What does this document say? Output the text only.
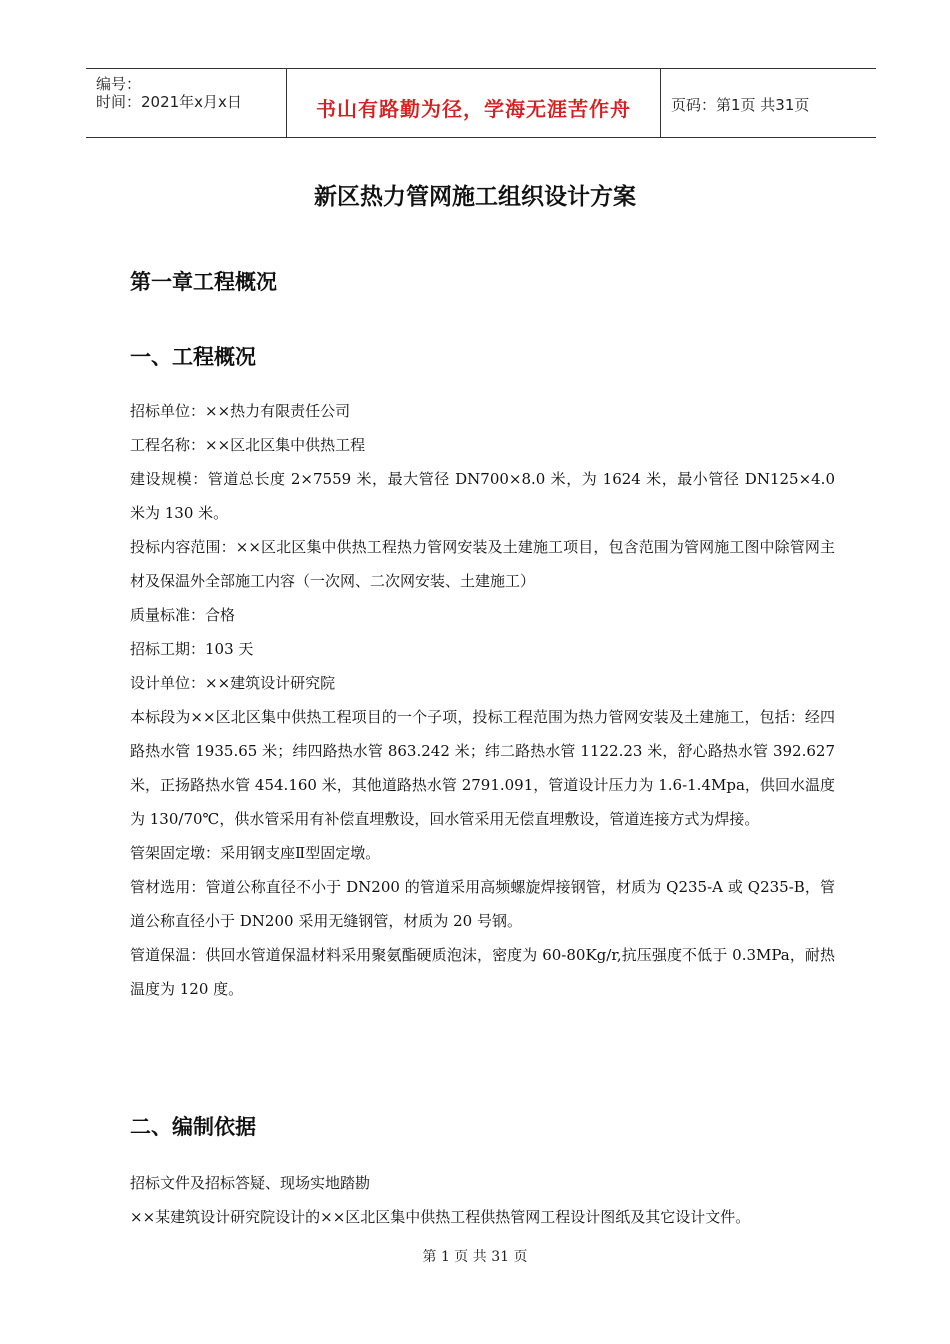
编号：
时间：2021年x月x日	书山有路勤为径，学海无涯苦作舟	页码：第1页 共31页
新区热力管网施工组织设计方案
第一章工程概况
一、工程概况

招标单位：××热力有限责任公司

工程名称：××区北区集中供热工程

建设规模：管道总长度 2×7559 米，最大管径 DN700×8.0 米，为 1624 米，最小管径 DN125×4.0 米为 130 米。

投标内容范围：××区北区集中供热工程热力管网安装及土建施工项目，包含范围为管网施工图中除管网主材及保温外全部施工内容（一次网、二次网安装、土建施工）

质量标准：合格

招标工期：103 天

设计单位：××建筑设计研究院

本标段为××区北区集中供热工程项目的一个子项，投标工程范围为热力管网安装及土建施工，包括：经四路热水管 1935.65 米；纬四路热水管 863.242 米；纬二路热水管 1122.23 米，舒心路热水管 392.627 米，正扬路热水管 454.160 米，其他道路热水管 2791.091，管道设计压力为 1.6-1.4Mpa，供回水温度为 130/70℃，供水管采用有补偿直埋敷设，回水管采用无偿直埋敷设，管道连接方式为焊接。

管架固定墩：采用钢支座Ⅱ型固定墩。

管材选用：管道公称直径不小于 DN200 的管道采用高频螺旋焊接钢管，材质为 Q235-A 或 Q235-B，管道公称直径小于 DN200 采用无缝钢管，材质为 20 号钢。

管道保温：供回水管道保温材料采用聚氨酯硬质泡沫，密度为 60-80Kg/r,抗压强度不低于 0.3MPa，耐热温度为 120 度。

二、编制依据

招标文件及招标答疑、现场实地踏勘

××某建筑设计研究院设计的××区北区集中供热工程供热管网工程设计图纸及其它设计文件。

第 1 页 共 31 页
